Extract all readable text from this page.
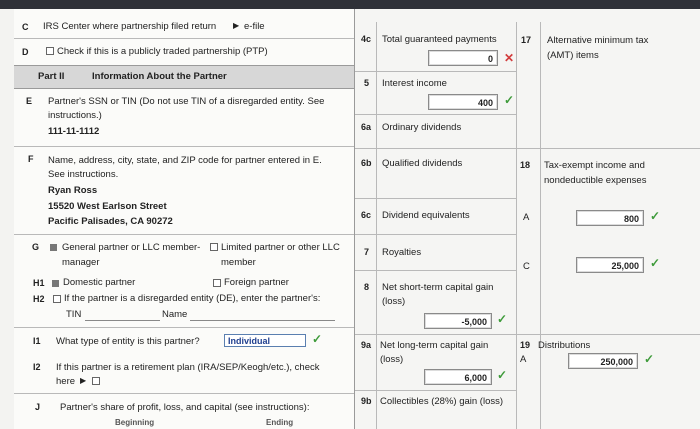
C IRS Center where partnership filed return ▶ e-file
D	Check if this is a publicly traded partnership (PTP)
Part II	Information About the Partner
E Partner's SSN or TIN (Do not use TIN of a disregarded entity. See
instructions.)
111-11-1112
F Name, address, city, state, and ZIP code for partner entered in E.
See instructions.
Ryan Ross
15520 West Earlson Street
Pacific Palisades, CA 90272
G General partner or LLC member-
manager
Limited partner or other LLC
member
H1 Domestic partner	Foreign partner
H2 If the partner is a disregarded entity (DE), enter the partner's:
TIN	Name
I1 What type of entity is this partner?	Individual	✓
I2 If this partner is a retirement plan (IRA/SEP/Keogh/etc.), check
here ▶
J Partner's share of profit, loss, and capital (see instructions):
Beginning	Ending
4c Total guaranteed payments
0 ✕
5 Interest income
400 ✓
6a Ordinary dividends
6b Qualified dividends
6c Dividend equivalents
7 Royalties
8 Net short-term capital gain
(loss)
-5,000 ✓
9a Net long-term capital gain
(loss)
6,000 ✓
9b Collectibles (28%) gain (loss)
17 Alternative minimum tax
(AMT) items
18 Tax-exempt income and
nondeductible expenses
A	800 ✓
C	25,000 ✓
19 Distributions
A	250,000 ✓
